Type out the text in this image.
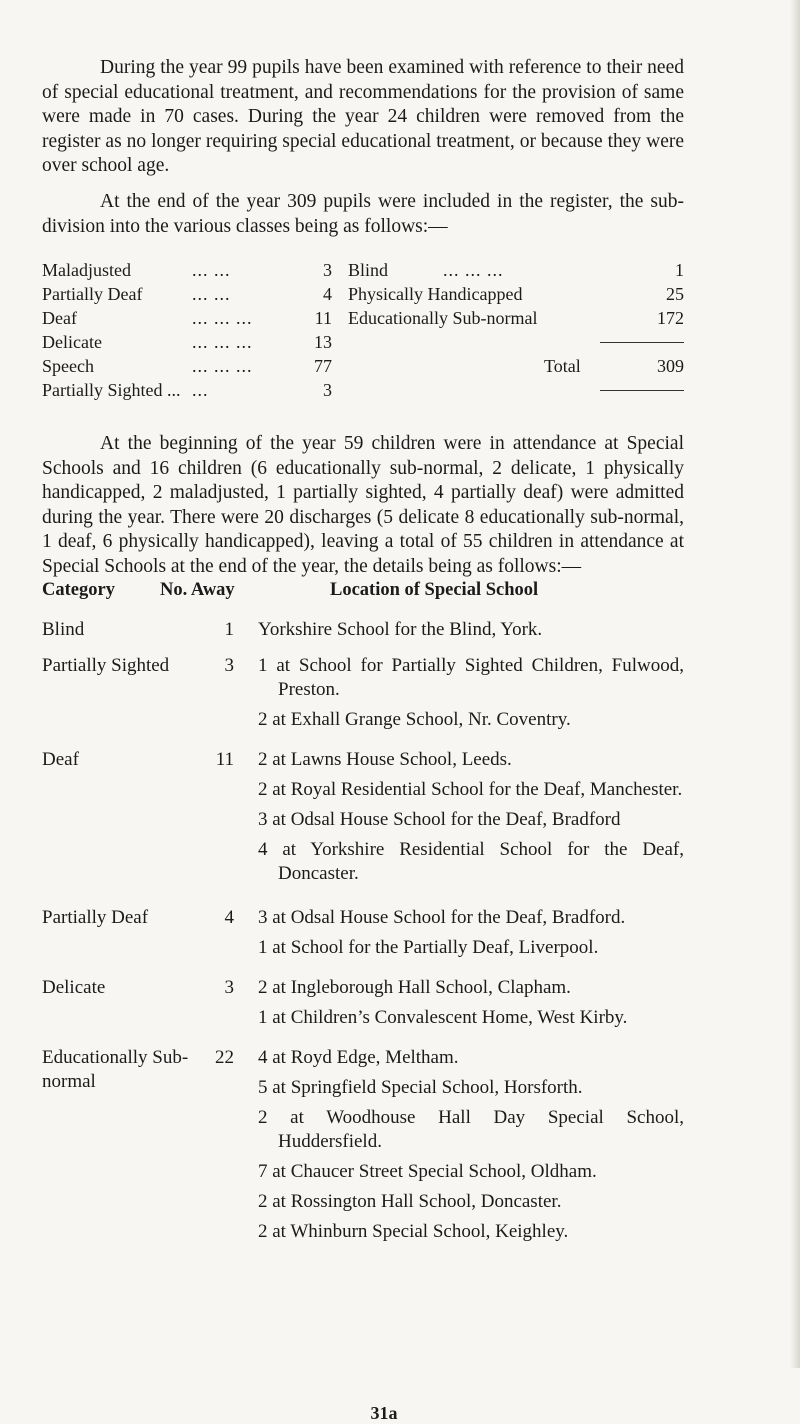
During the year 99 pupils have been examined with reference to their need of special educational treatment, and recommendations for the provision of same were made in 70 cases. During the year 24 children were removed from the register as no longer requiring special educational treatment, or because they were over school age.

At the end of the year 309 pupils were included in the register, the sub-division into the various classes being as follows:—

Maladjusted	... ...	3
Partially Deaf	... ...	4
Deaf	... ... ...	11
Delicate	... ... ...	13
Speech	... ... ...	77
Partially Sighted ... ...	3
Blind	... ... ...	1
Physically Handicapped	25
Educationally Sub-normal	172
Total	309

At the beginning of the year 59 children were in attendance at Special Schools and 16 children (6 educationally sub-normal, 2 delicate, 1 physically handicapped, 2 maladjusted, 1 partially sighted, 4 partially deaf) were admitted during the year. There were 20 discharges (5 delicate 8 educationally sub-normal, 1 deaf, 6 physically handicapped), leaving a total of 55 children in attendance at Special Schools at the end of the year, the details being as follows:—

Category No. Away	Location of Special School
Blind	1 Yorkshire School for the Blind, York.
Partially Sighted	3 1 at School for Partially Sighted Children, Fulwood, Preston.
2 at Exhall Grange School, Nr. Coventry.
Deaf	11 2 at Lawns House School, Leeds.
2 at Royal Residential School for the Deaf, Manchester.
3 at Odsal House School for the Deaf, Bradford
4 at Yorkshire Residential School for the Deaf, Doncaster.
Partially Deaf	4 3 at Odsal House School for the Deaf, Bradford.
1 at School for the Partially Deaf, Liverpool.
Delicate	3 2 at Ingleborough Hall School, Clapham.
1 at Children’s Convalescent Home, West Kirby.
Educationally Sub-normal
22 4 at Royd Edge, Meltham.
5 at Springfield Special School, Horsforth.
2 at Woodhouse Hall Day Special School, Huddersfield.
7 at Chaucer Street Special School, Oldham.
2 at Rossington Hall School, Doncaster.
2 at Whinburn Special School, Keighley.
31a
